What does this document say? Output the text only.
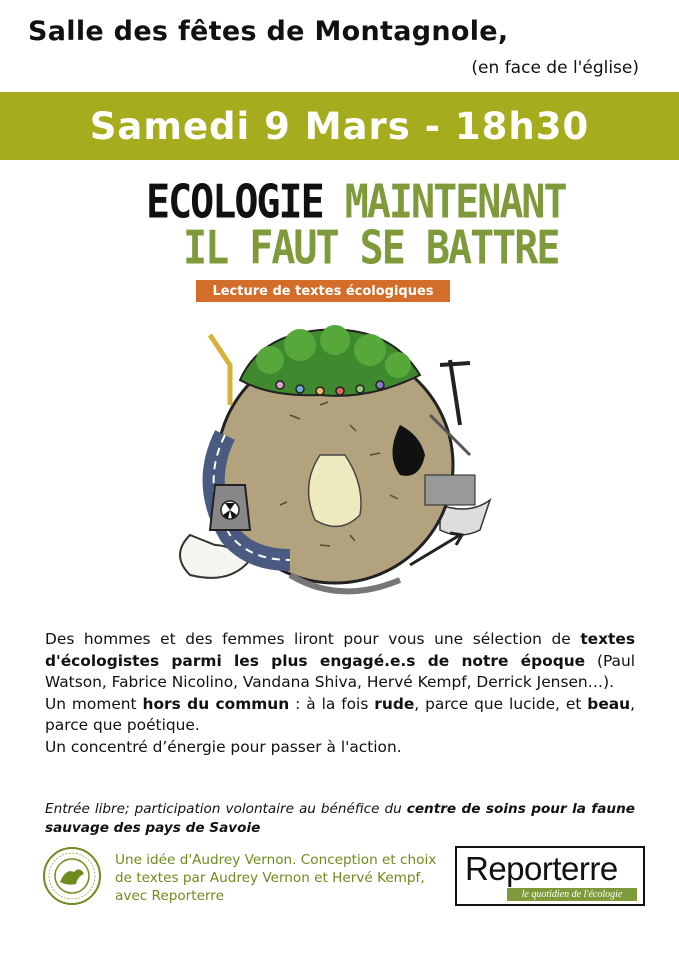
Salle des fêtes de Montagnole,
(en face de l'église)
Samedi 9 Mars - 18h30
ECOLOGIE MAINTENANT
IL FAUT SE BATTRE
Lecture de textes écologiques

Des hommes et des femmes liront pour vous une sélection de textes d'écologistes parmi les plus engagé.e.s de notre époque (Paul Watson, Fabrice Nicolino, Vandana Shiva, Hervé Kempf, Derrick Jensen…).

Un moment hors du commun : à la fois rude, parce que lucide, et beau, parce que poétique.

Un concentré d’énergie pour passer à l'action.

Entrée libre; participation volontaire au bénéfice du centre de soins pour la faune sauvage des pays de Savoie
Une idée d'Audrey Vernon. Conception et choix de textes par Audrey Vernon et Hervé Kempf, avec Reporterre
Reporterre
le quotidien de l'écologie
